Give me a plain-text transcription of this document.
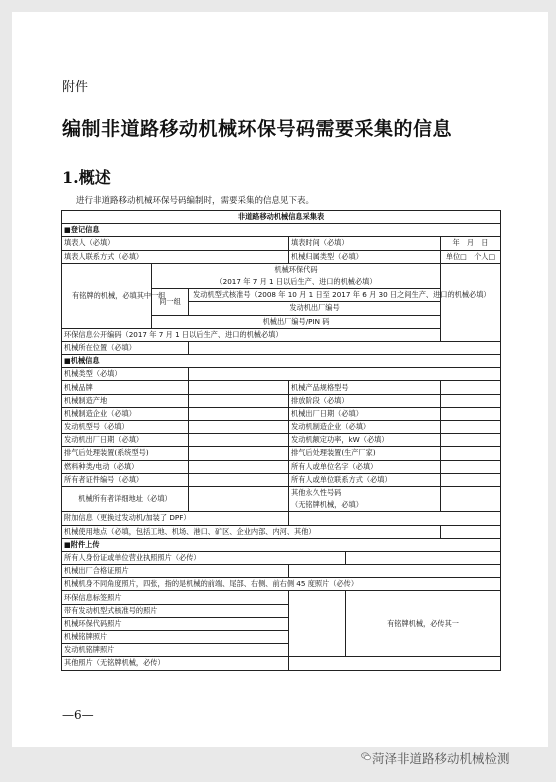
附件
编制非道路移动机械环保号码需要采集的信息
1.概述
进行非道路移动机械环保号码编制时，需要采集的信息见下表。
非道路移动机械信息采集表					
■登记信息					
填表人（必填）			填表时间（必填）		年　月　日
填表人联系方式（必填）			机械归属类型（必填）		单位□　个人□
有铭牌的机械，必填其中一组	机械环保代码				
	（2017 年 7 月 1 日以后生产、进口的机械必填）				
	同一组	发动机型式核准号（2008 年 10 月 1 日至 2017 年 6 月 30 日之间生产、进口的机械必填）			

		发动机出厂编号			
	机械出厂编号/PIN 码				
环保信息公开编码（2017 年 7 月 1 日以后生产、进口的机械必填）					
机械所在位置（必填）					
■机械信息					
机械类型（必填）					
机械品牌			机械产品规格型号		
机械制造产地			排放阶段（必填）		
机械制造企业（必填）			机械出厂日期（必填）		
发动机型号（必填）			发动机制造企业（必填）		
发动机出厂日期（必填）			发动机额定功率，kW（必填）		
排气后处理装置(系统型号)			排气后处理装置(生产厂家)		
燃料种类/电动（必填）			所有人或单位名字（必填）		
所有者证件编号（必填）			所有人或单位联系方式（必填）		
机械所有者详细地址（必填）			其他永久性号码		
			（无铭牌机械，必填）		
附加信息（更换过发动机/加装了 DPF）					
机械使用地点（必填，包括工地、机场、港口、矿区、企业内部、内河、其他）					
■附件上传					
所有人身份证或单位营业执照照片（必传）					
机械出厂合格证照片					
机械机身不同角度照片，四张，指的是机械的前端、尾部、右侧、前右侧 45 度照片（必传）					
环保信息标签照片				有铭牌机械，必传其一	
带有发动机型式核准号的照片					
机械环保代码照片					
机械铭牌照片					
发动机铭牌照片					
其他照片（无铭牌机械，必传）					
—6—
菏泽非道路移动机械检测
